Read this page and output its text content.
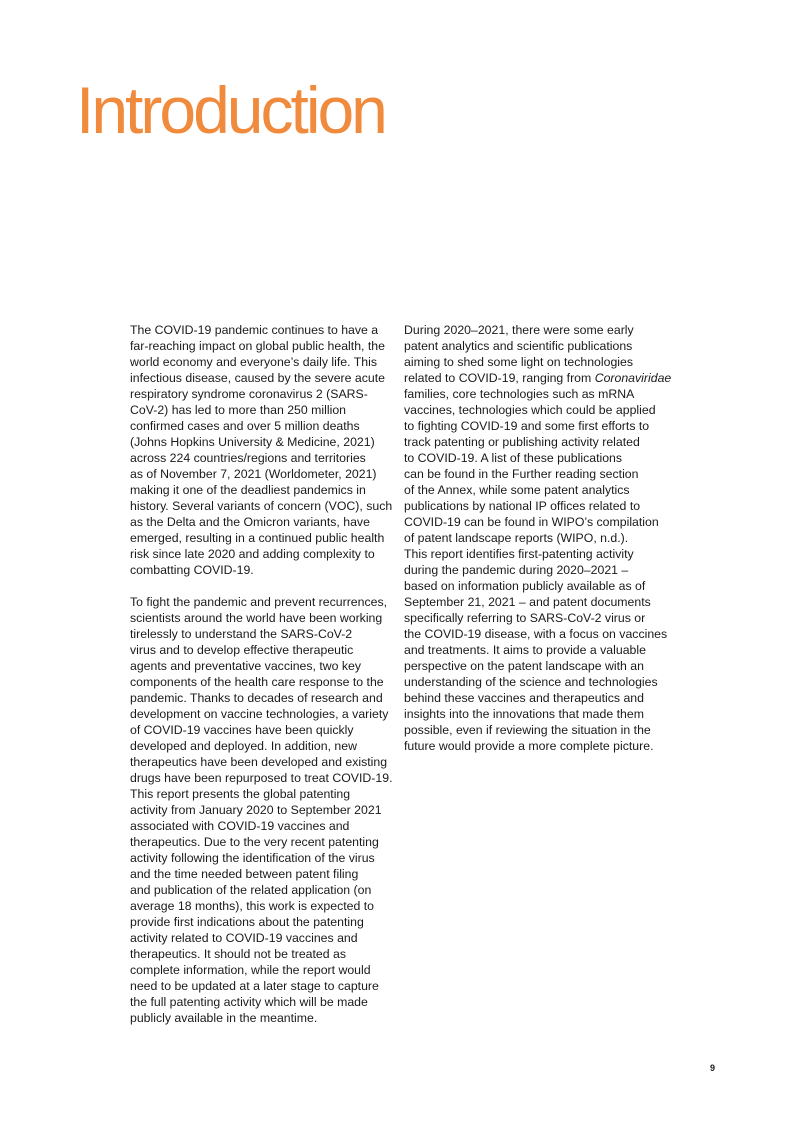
Introduction
The COVID-19 pandemic continues to have a
far-reaching impact on global public health, the
world economy and everyone’s daily life. This
infectious disease, caused by the severe acute
respiratory syndrome coronavirus 2 (SARS-
CoV-2) has led to more than 250 million
confirmed cases and over 5 million deaths
(Johns Hopkins University & Medicine, 2021)
across 224 countries/regions and territories
as of November 7, 2021 (Worldometer, 2021)
making it one of the deadliest pandemics in
history. Several variants of concern (VOC), such
as the Delta and the Omicron variants, have
emerged, resulting in a continued public health
risk since late 2020 and adding complexity to
combatting COVID-19.
To fight the pandemic and prevent recurrences,
scientists around the world have been working
tirelessly to understand the SARS-CoV-2
virus and to develop effective therapeutic
agents and preventative vaccines, two key
components of the health care response to the
pandemic. Thanks to decades of research and
development on vaccine technologies, a variety
of COVID-19 vaccines have been quickly
developed and deployed. In addition, new
therapeutics have been developed and existing
drugs have been repurposed to treat COVID-19.
This report presents the global patenting
activity from January 2020 to September 2021
associated with COVID-19 vaccines and
therapeutics. Due to the very recent patenting
activity following the identification of the virus
and the time needed between patent filing
and publication of the related application (on
average 18 months), this work is expected to
provide first indications about the patenting
activity related to COVID-19 vaccines and
therapeutics. It should not be treated as
complete information, while the report would
need to be updated at a later stage to capture
the full patenting activity which will be made
publicly available in the meantime.
During 2020–2021, there were some early
patent analytics and scientific publications
aiming to shed some light on technologies
related to COVID-19, ranging from Coronaviridae
families, core technologies such as mRNA
vaccines, technologies which could be applied
to fighting COVID-19 and some first efforts to
track patenting or publishing activity related
to COVID-19. A list of these publications
can be found in the Further reading section
of the Annex, while some patent analytics
publications by national IP offices related to
COVID-19 can be found in WIPO’s compilation
of patent landscape reports (WIPO, n.d.).
This report identifies first-patenting activity
during the pandemic during 2020–2021 –
based on information publicly available as of
September 21, 2021 – and patent documents
specifically referring to SARS-CoV-2 virus or
the COVID-19 disease, with a focus on vaccines
and treatments. It aims to provide a valuable
perspective on the patent landscape with an
understanding of the science and technologies
behind these vaccines and therapeutics and
insights into the innovations that made them
possible, even if reviewing the situation in the
future would provide a more complete picture.
9
